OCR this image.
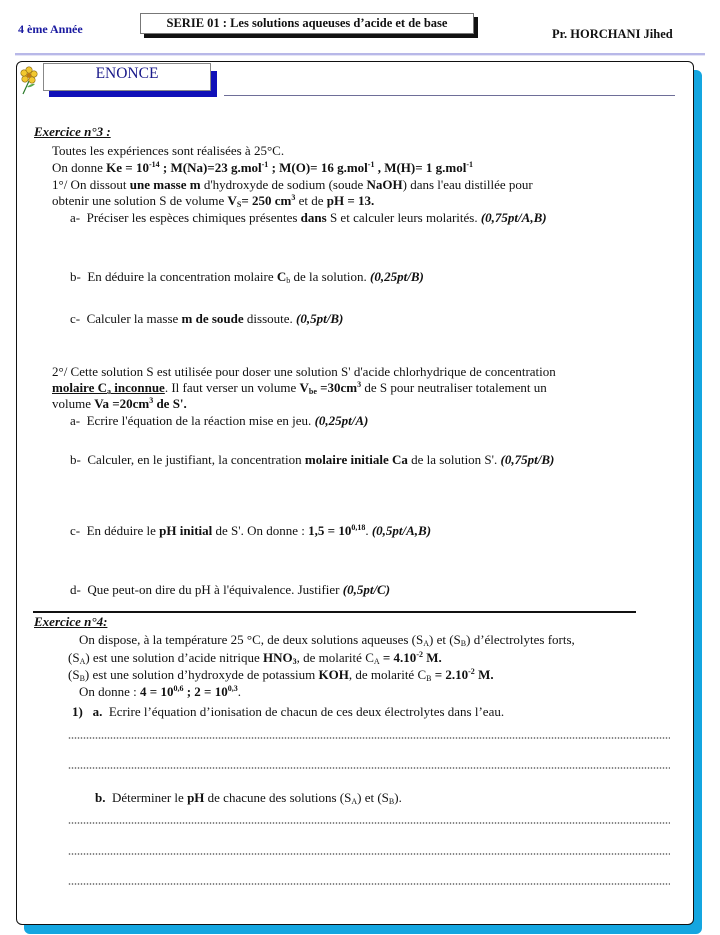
4 ème Année	SERIE 01 : Les solutions aqueuses d’acide et de base
Pr. HORCHANI Jihed
ENONCE
Exercice n°3 :
Toutes les expériences sont réalisées à 25°C.
On donne $Ke = 10^{-14}$ ; M(Na)=23 g.mol$^{-1}$ ; M(O)= 16 g.mol$^{-1}$ , M(H)= 1 g.mol$^{-1}$
1°/ On dissout une masse m d'hydroxyde de sodium (soude NaOH) dans l'eau distillée pour
obtenir une solution S de volume $V_S= 250$ $cm^3$ et de pH = 13.
a- Préciser les espèces chimiques présentes dans S et calculer leurs molarités. (0,75pt/A,B)
b- En déduire la concentration molaire $C_b$ de la solution. (0,25pt/B)
c- Calculer la masse m de soude dissoute. (0,5pt/B)
2°/ Cette solution S est utilisée pour doser une solution S' d'acide chlorhydrique de concentration
molaire $C_a$ inconnue. Il faut verser un volume $V_{be} =30cm^3$ de S pour neutraliser totalement un
volume $Va =20cm^3$ de S'.
a- Ecrire l'équation de la réaction mise en jeu. (0,25pt/A)
b- Calculer, en le justifiant, la concentration molaire initiale Ca de la solution S'. (0,75pt/B)
c- En déduire le pH initial de S'. On donne : $1,5 = 10^{0,18}$. (0,5pt/A,B)
d- Que peut-on dire du pH à l'équivalence. Justifier (0,5pt/C)
Exercice n°4:
On dispose, à la température 25 °C, de deux solutions aqueuses $(S_A)$ et $(S_B)$ d’électrolytes forts,
$(S_A)$ est une solution d’acide nitrique $HNO_3$, de molarité $C_A = 4.10^{-2}$ M.
$(S_B)$ est une solution d’hydroxyde de potassium KOH, de molarité $C_B = 2.10^{-2}$ M.
On donne : $4 = 10^{0,6}$ ; $2 = 10^{0,3}$.
1) a. Ecrire l’équation d’ionisation de chacun de ces deux électrolytes dans l’eau.
b. Déterminer le pH de chacune des solutions $(S_A)$ et $(S_B)$.
